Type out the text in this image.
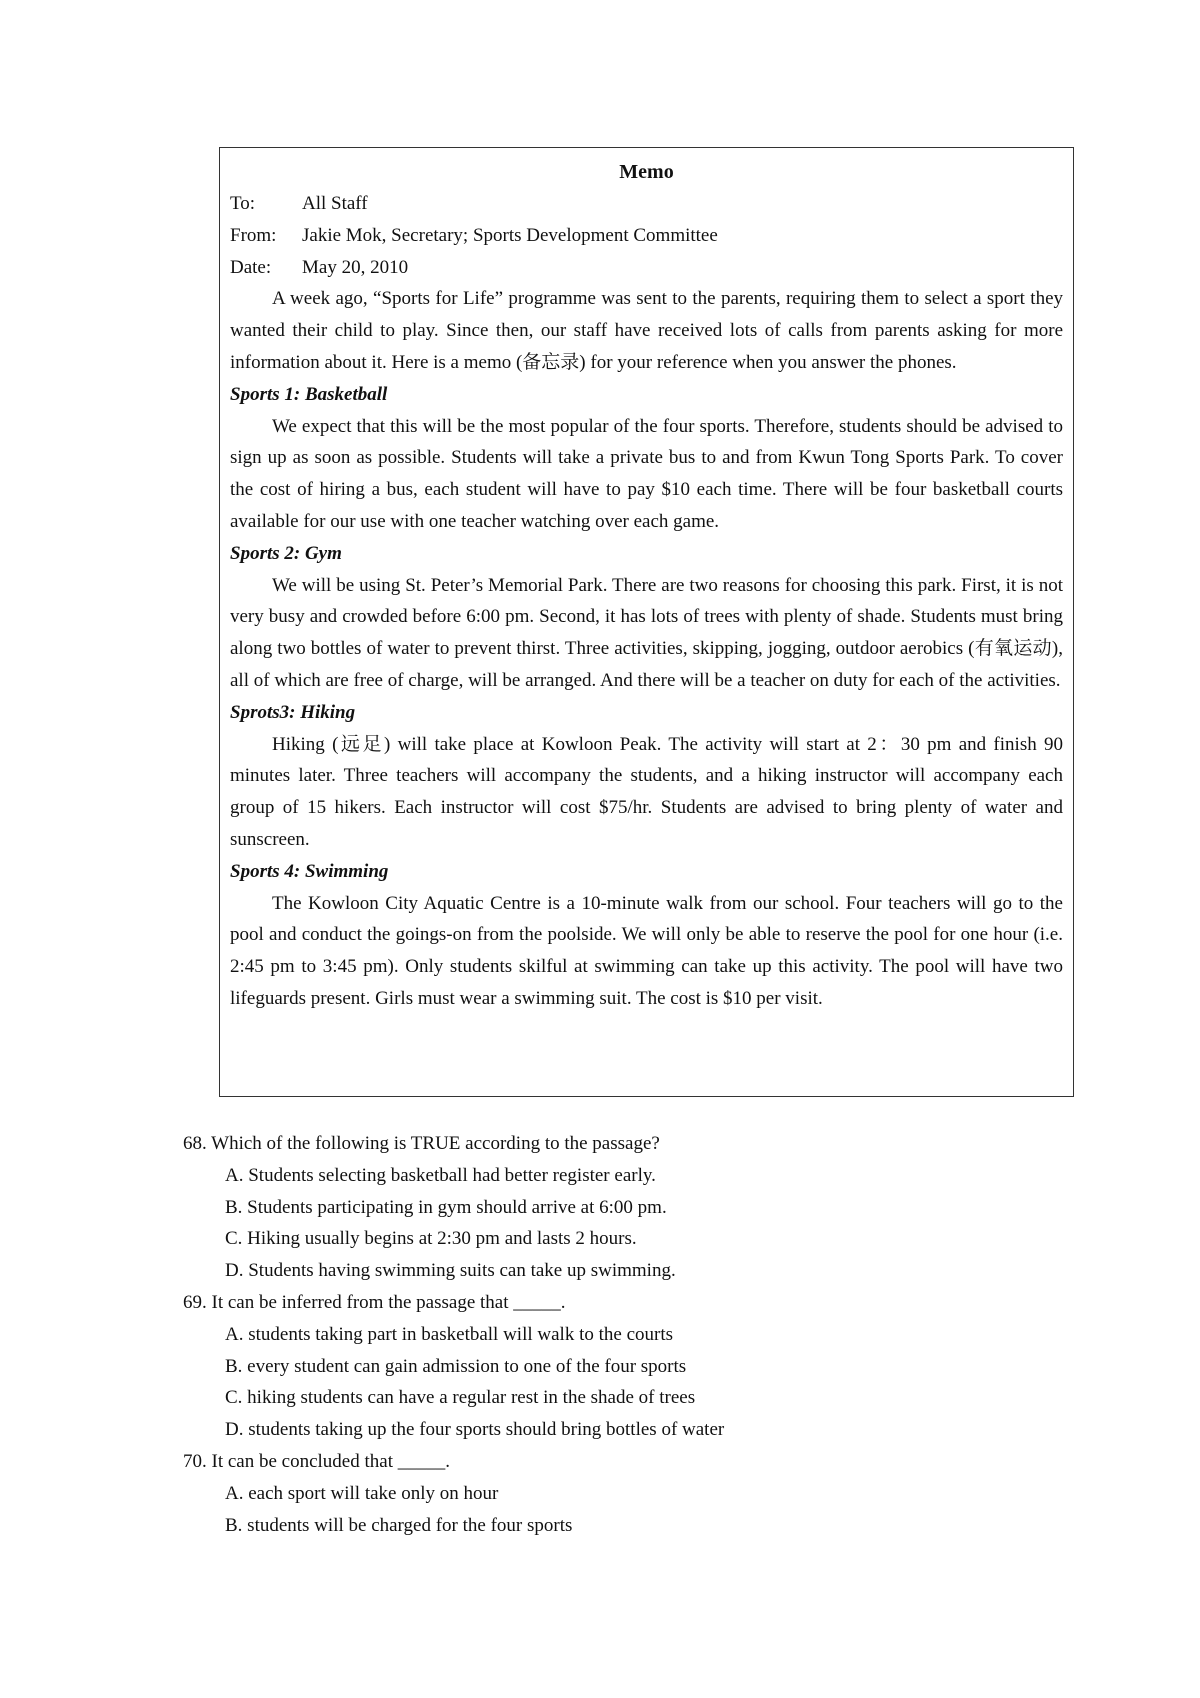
Memo
To:	All Staff
From:	Jakie Mok, Secretary; Sports Development Committee
Date:	May 20, 2010
A week ago, “Sports for Life” programme was sent to the parents, requiring them to select a sport they wanted their child to play. Since then, our staff have received lots of calls from parents asking for more information about it. Here is a memo (备忘录) for your reference when you answer the phones.
Sports 1: Basketball
We expect that this will be the most popular of the four sports. Therefore, students should be advised to sign up as soon as possible. Students will take a private bus to and from Kwun Tong Sports Park. To cover the cost of hiring a bus, each student will have to pay $10 each time. There will be four basketball courts available for our use with one teacher watching over each game.
Sports 2: Gym
We will be using St. Peter’s Memorial Park. There are two reasons for choosing this park. First, it is not very busy and crowded before 6:00 pm. Second, it has lots of trees with plenty of shade. Students must bring along two bottles of water to prevent thirst. Three activities, skipping, jogging, outdoor aerobics (有氧运动), all of which are free of charge, will be arranged. And there will be a teacher on duty for each of the activities.
Sprots3: Hiking
Hiking (远足) will take place at Kowloon Peak. The activity will start at 2：30 pm and finish 90 minutes later. Three teachers will accompany the students, and a hiking instructor will accompany each group of 15 hikers. Each instructor will cost $75/hr. Students are advised to bring plenty of water and sunscreen.
Sports 4: Swimming
The Kowloon City Aquatic Centre is a 10-minute walk from our school. Four teachers will go to the pool and conduct the goings-on from the poolside. We will only be able to reserve the pool for one hour (i.e. 2:45 pm to 3:45 pm). Only students skilful at swimming can take up this activity. The pool will have two lifeguards present. Girls must wear a swimming suit. The cost is $10 per visit.
68. Which of the following is TRUE according to the passage?
A. Students selecting basketball had better register early.
B. Students participating in gym should arrive at 6:00 pm.
C. Hiking usually begins at 2:30 pm and lasts 2 hours.
D. Students having swimming suits can take up swimming.
69. It can be inferred from the passage that _____.
A. students taking part in basketball will walk to the courts
B. every student can gain admission to one of the four sports
C. hiking students can have a regular rest in the shade of trees
D. students taking up the four sports should bring bottles of water
70. It can be concluded that _____.
A. each sport will take only on hour
B. students will be charged for the four sports
